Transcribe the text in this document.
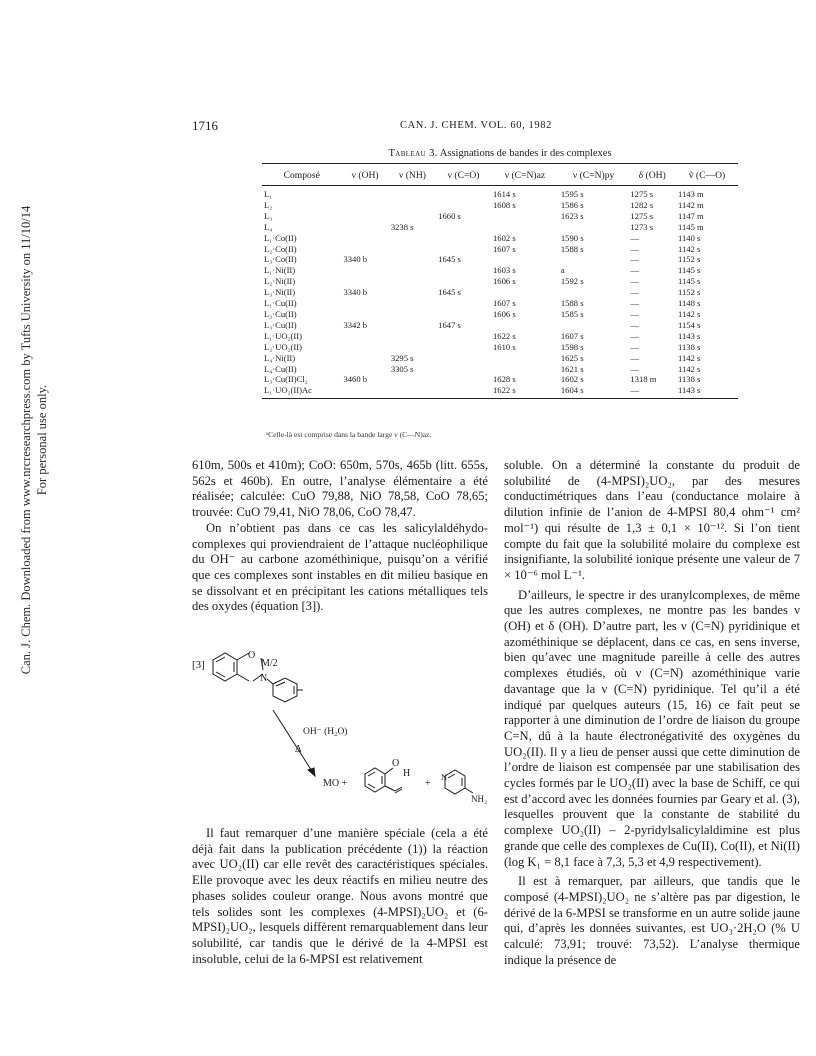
Can. J. Chem. Downloaded from www.nrcresearchpress.com by Tufts University on 11/10/14 For personal use only.
1716	CAN. J. CHEM. VOL. 60, 1982
Tableau 3. Assignations de bandes ir des complexes
Composé	ν (OH)	ν (NH)	ν (C=O)	ν (C=N)az	ν (C=N)py	δ (OH)	ṽ (C—O)
L₁				1614 s	1595 s	1275 s	1143 m
L₂				1608 s	1586 s	1282 s	1142 m
L₃			1660 s		1623 s	1275 s	1147 m
L₄		3238 s				1273 s	1145 m
L₁·Co(II)				1602 s	1590 s	—	1140 s
L₂·Co(II)				1607 s	1588 s	—	1142 s
L₃·Co(II)	3340 b		1645 s			—	1152 s
L₁·Ni(II)				1603 s	a	—	1145 s
L₂·Ni(II)				1606 s	1592 s	—	1145 s
L₃·Ni(II)	3340 b		1645 s			—	1152 s
L₁·Cu(II)				1607 s	1588 s	—	1148 s
L₂·Cu(II)				1606 s	1585 s	—	1142 s
L₃·Cu(II)	3342 b		1647 s			—	1154 s
L₁·UO₂(II)				1622 s	1607 s	—	1143 s
L₂·UO₂(II)				1610 s	1598 s	—	1138 s
L₄·Ni(II)		3295 s			1625 s	—	1142 s
L₄·Cu(II)		3305 s			1621 s	—	1142 s
L₃·Cu(II)Cl₂	3460 b			1628 s	1602 s	1318 m	1138 s
L₁·UO₂(II)Ac				1622 s	1604 s	—	1143 s
ᵃCelle-là est comprise dans la bande large ν (C—N)az.

610m, 500s et 410m); CoO: 650m, 570s, 465b (litt. 655s, 562s et 460b). En outre, l’analyse élémentaire a été réalisée; calculée: CuO 79,88, NiO 78,58, CoO 78,65; trouvée: CuO 79,41, NiO 78,06, CoO 78,47.

On n’obtient pas dans ce cas les salicylaldéhydo-complexes qui proviendraient de l’attaque nucléophilique du OH⁻ au carbone azométhinique, puisqu’on a vérifié que ces complexes sont instables en dit milieu basique en se dissolvant et en précipitant les cations métalliques tels des oxydes (équation [3]).

[3]
O
M/2
N
OH⁻ (H₂O)
Δ
MO +
O
H
+
N
NH₂

Il faut remarquer d’une manière spéciale (cela a été déjà fait dans la publication précédente (1)) la réaction avec UO₂(II) car elle revêt des caractéristiques spéciales. Elle provoque avec les deux réactifs en milieu neutre des phases solides couleur orange. Nous avons montré que tels solides sont les complexes (4-MPSI)₂UO₂ et (6-MPSI)₂UO₂, lesquels diffèrent remarquablement dans leur solubilité, car tandis que le dérivé de la 4-MPSI est insoluble, celui de la 6-MPSI est relativement

soluble. On a déterminé la constante du produit de solubilité de (4-MPSI)₂UO₂, par des mesures conductimétriques dans l’eau (conductance molaire à dilution infinie de l’anion de 4-MPSI 80,4 ohm⁻¹ cm² mol⁻¹) qui résulte de 1,3 ± 0,1 × 10⁻¹². Si l’on tient compte du fait que la solubilité molaire du complexe est insignifiante, la solubilité ionique présente une valeur de 7 × 10⁻⁶ mol L⁻¹.

D’ailleurs, le spectre ir des uranylcomplexes, de même que les autres complexes, ne montre pas les bandes ν (OH) et δ (OH). D’autre part, les ν (C=N) pyridinique et azométhinique se déplacent, dans ce cas, en sens inverse, bien qu’avec une magnitude pareille à celle des autres complexes étudiés, où ν (C=N) azométhinique varie davantage que la ν (C=N) pyridinique. Tel qu’il a été indiqué par quelques auteurs (15, 16) ce fait peut se rapporter à une diminution de l’ordre de liaison du groupe C=N, dû à la haute électronégativité des oxygènes du UO₂(II). Il y a lieu de penser aussi que cette diminution de l’ordre de liaison est compensée par une stabilisation des cycles formés par le UO₂(II) avec la base de Schiff, ce qui est d’accord avec les données fournies par Geary et al. (3), lesquelles prouvent que la constante de stabilité du complexe UO₂(II) – 2-pyridylsalicylaldimine est plus grande que celle des complexes de Cu(II), Co(II), et Ni(II) (log K₁ = 8,1 face à 7,3, 5,3 et 4,9 respectivement).

Il est à remarquer, par ailleurs, que tandis que le composé (4-MPSI)₂UO₂ ne s’altère pas par digestion, le dérivé de la 6-MPSI se transforme en un autre solide jaune qui, d’après les données suivantes, est UO₃·2H₂O (% U calculé: 73,91; trouvé: 73,52). L’analyse thermique indique la présence de
